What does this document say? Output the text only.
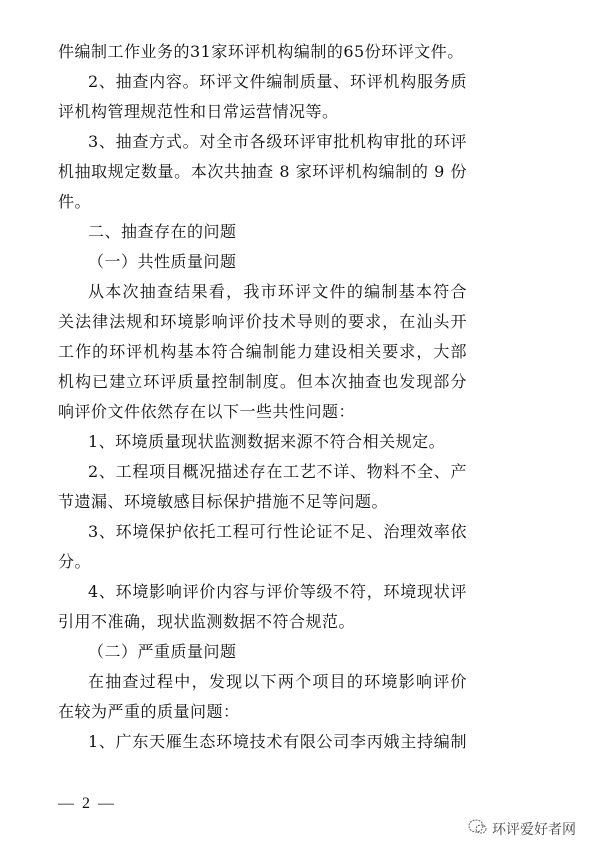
件编制工作业务的31家环评机构编制的65份环评文件。
2、抽查内容。环评文件编制质量、环评机构服务质
评机构管理规范性和日常运营情况等。
3、抽查方式。对全市各级环评审批机构审批的环评
机抽取规定数量。本次共抽查 8 家环评机构编制的 9 份
件。
二、抽查存在的问题
（一）共性质量问题
从本次抽查结果看，我市环评文件的编制基本符合
关法律法规和环境影响评价技术导则的要求，在汕头开
工作的环评机构基本符合编制能力建设相关要求，大部
机构已建立环评质量控制制度。但本次抽查也发现部分
响评价文件依然存在以下一些共性问题：
1、环境质量现状监测数据来源不符合相关规定。
2、工程项目概况描述存在工艺不详、物料不全、产
节遗漏、环境敏感目标保护措施不足等问题。
3、环境保护依托工程可行性论证不足、治理效率依
分。
4、环境影响评价内容与评价等级不符，环境现状评
引用不准确，现状监测数据不符合规范。
（二）严重质量问题
在抽查过程中，发现以下两个项目的环境影响评价
在较为严重的质量问题：
1、广东天雁生态环境技术有限公司李丙娥主持编制
— 2 —
环评爱好者网
